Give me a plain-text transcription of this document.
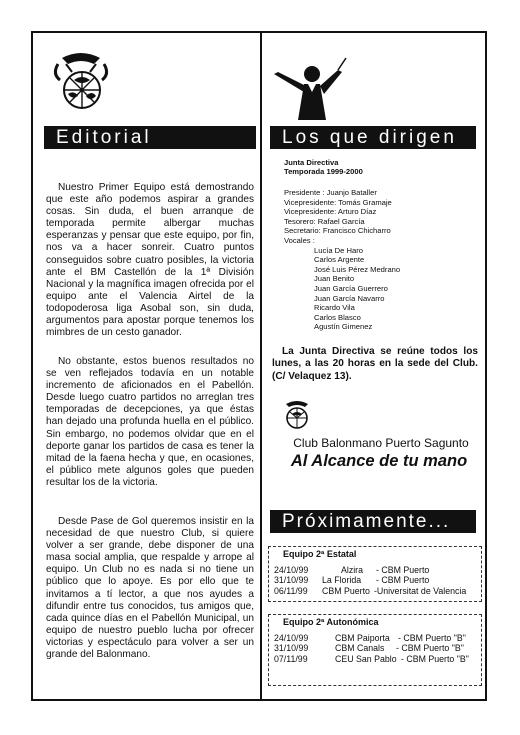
Editorial
Nuestro Primer Equipo está demostrando que este año podemos aspirar a grandes cosas. Sin duda, el buen arranque de temporada permite albergar muchas esperanzas y pensar que este equipo, por fin, nos va a hacer sonreir. Cuatro puntos conseguidos sobre cuatro posibles, la victoria ante el BM Castellón de la 1ª División Nacional y la magnífica imagen ofrecida por el equipo ante el Valencia Airtel de la todopoderosa liga Asobal son, sin duda, argumentos para apostar porque tenemos los mimbres de un cesto ganador.
No obstante, estos buenos resultados no se ven reflejados todavía en un notable incremento de aficionados en el Pabellón. Desde luego cuatro partidos no arreglan tres temporadas de decepciones, ya que éstas han dejado una profunda huella en el público. Sin embargo, no podemos olvidar que en el deporte ganar los partidos de casa es tener la mitad de la faena hecha y que, en ocasiones, el público mete algunos goles que pueden resultar los de la victoria.
Desde Pase de Gol queremos insistir en la necesidad de que nuestro Club, si quiere volver a ser grande, debe disponer de una masa social amplia, que respalde y arrope al equipo. Un Club no es nada si no tiene un público que lo apoye. Es por ello que te invitamos a tí lector, a que nos ayudes a difundir entre tus conocidos, tus amigos que, cada quince días en el Pabellón Municipal, un equipo de nuestro pueblo lucha por ofrecer victorias y espectáculo para volver a ser un grande del Balonmano.
Los que dirigen
Junta Directiva
Temporada 1999-2000
Presidente : Juanjo Bataller
Vicepresidente: Tomás Gramaje
Vicepresidente: Arturo Díaz
Tesorero: Rafael García
Secretario: Francisco Chicharro
Vocales :
Lucía De Haro
Carlos Argente
José Luis Pérez Medrano
Juan Benito
Juan García Guerrero
Juan García Navarro
Ricardo Vila
Carlos Blasco
Agustín Gimenez
La Junta Directiva se reúne todos los lunes, a las 20 horas en la sede del Club. (C/ Velaquez 13).
Club Balonmano Puerto Sagunto
Al Alcance de tu mano
Próximamente...
Equipo 2ª Estatal
24/10/99	Alzira - CBM Puerto
31/10/99 La Florida - CBM Puerto
06/11/99 CBM Puerto -Universitat de Valencia
Equipo 2ª Autonómica
24/10/99	CBM Paiporta - CBM Puerto "B"
31/10/99	CBM Canals - CBM Puerto "B"
07/11/99	CEU San Pablo - CBM Puerto "B"
